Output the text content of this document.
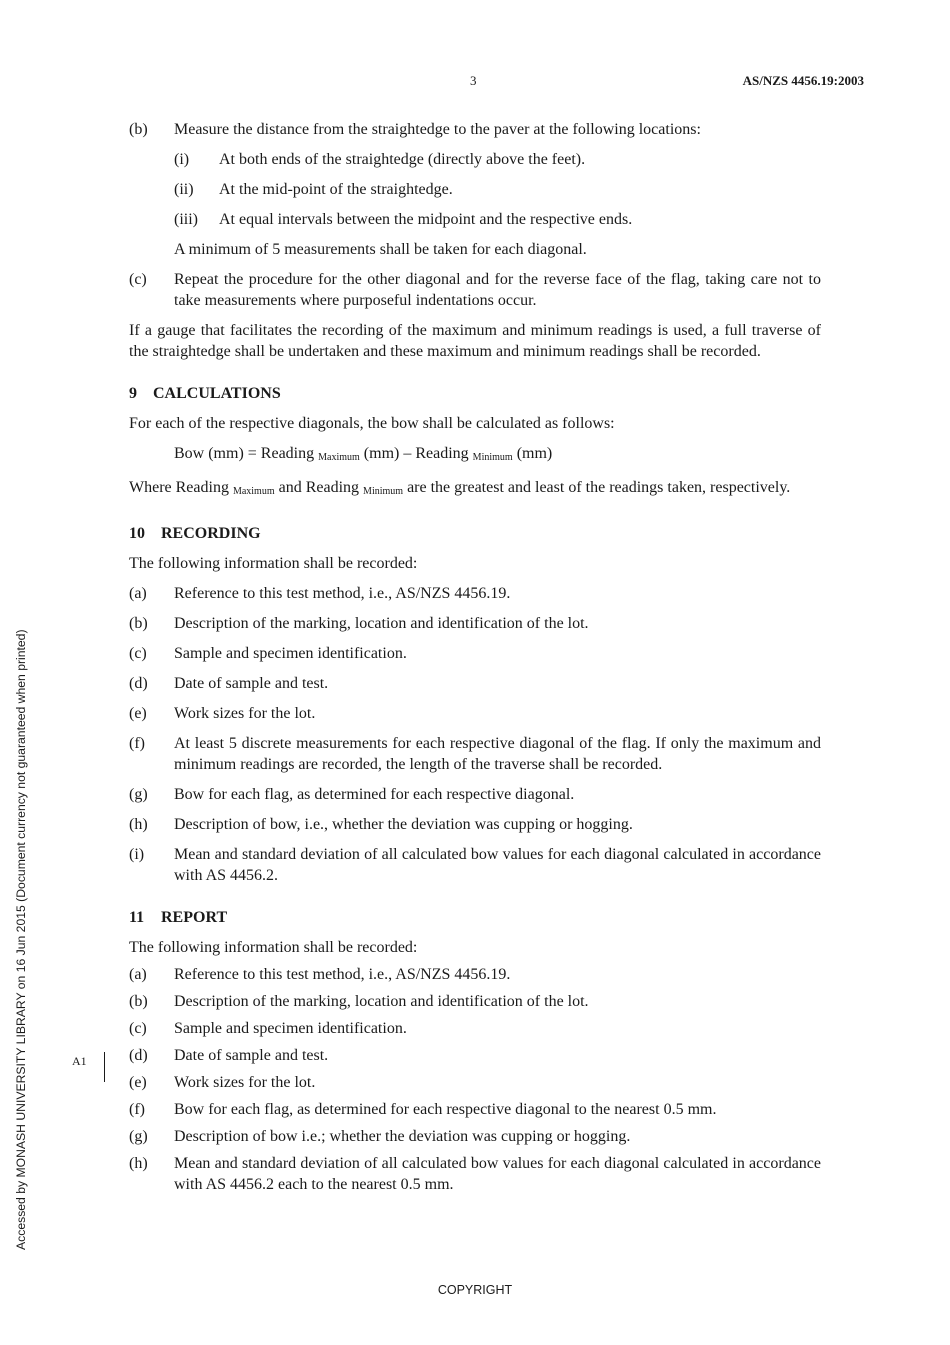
3	AS/NZS 4456.19:2003
Accessed by MONASH UNIVERSITY LIBRARY on 16 Jun 2015 (Document currency not guaranteed when printed)	A1
(b)	Measure the distance from the straightedge to the paver at the following locations:
(i)	At both ends of the straightedge (directly above the feet).
(ii)	At the mid-point of the straightedge.
(iii)	At equal intervals between the midpoint and the respective ends.
A minimum of 5 measurements shall be taken for each diagonal.
(c)	Repeat the procedure for the other diagonal and for the reverse face of the flag, taking care not to take measurements where purposeful indentations occur.
If a gauge that facilitates the recording of the maximum and minimum readings is used, a full traverse of the straightedge shall be undertaken and these maximum and minimum readings shall be recorded.
9 CALCULATIONS
For each of the respective diagonals, the bow shall be calculated as follows:
Bow (mm) = Reading Maximum (mm) – Reading Minimum (mm)
Where Reading Maximum and Reading Minimum are the greatest and least of the readings taken, respectively.
10 RECORDING
The following information shall be recorded:
(a)	Reference to this test method, i.e., AS/NZS 4456.19.
(b)	Description of the marking, location and identification of the lot.
(c)	Sample and specimen identification.
(d)	Date of sample and test.
(e)	Work sizes for the lot.
(f)	At least 5 discrete measurements for each respective diagonal of the flag. If only the maximum and minimum readings are recorded, the length of the traverse shall be recorded.
(g)	Bow for each flag, as determined for each respective diagonal.
(h)	Description of bow, i.e., whether the deviation was cupping or hogging.
(i)	Mean and standard deviation of all calculated bow values for each diagonal calculated in accordance with AS 4456.2.
11 REPORT
The following information shall be recorded:
(a)	Reference to this test method, i.e., AS/NZS 4456.19.
(b)	Description of the marking, location and identification of the lot.
(c)	Sample and specimen identification.
(d)	Date of sample and test.
(e)	Work sizes for the lot.
(f)	Bow for each flag, as determined for each respective diagonal to the nearest 0.5 mm.
(g)	Description of bow i.e.; whether the deviation was cupping or hogging.
(h)	Mean and standard deviation of all calculated bow values for each diagonal calculated in accordance with AS 4456.2 each to the nearest 0.5 mm.
COPYRIGHT
